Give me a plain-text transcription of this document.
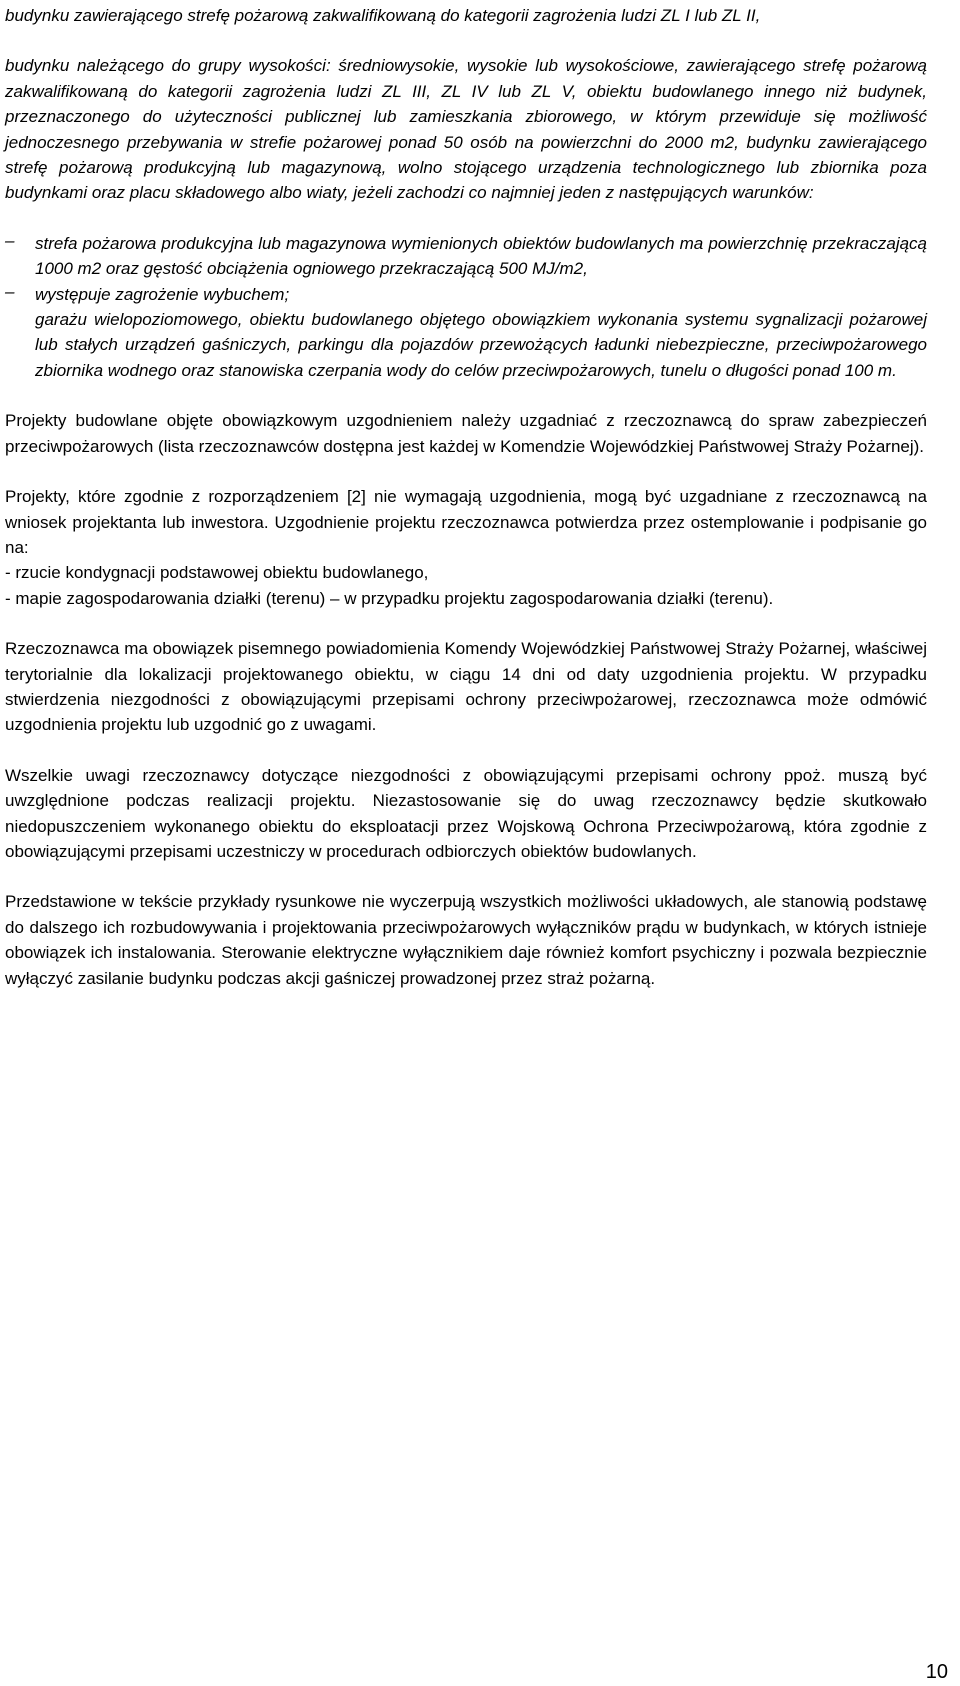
budynku zawierającego strefę pożarową zakwalifikowaną do kategorii zagrożenia ludzi ZL I lub ZL II,

budynku należącego do grupy wysokości: średniowysokie, wysokie lub wysokościowe, zawierającego strefę pożarową zakwalifikowaną do kategorii zagrożenia ludzi ZL III, ZL IV lub ZL V, obiektu budowlanego innego niż budynek, przeznaczonego do użyteczności publicznej lub zamieszkania zbiorowego, w którym przewiduje się możliwość jednoczesnego przebywania w strefie pożarowej ponad 50 osób na powierzchni do 2000 m2, budynku zawierającego strefę pożarową produkcyjną lub magazynową, wolno stojącego urządzenia technologicznego lub zbiornika poza budynkami oraz placu składowego albo wiaty, jeżeli zachodzi co najmniej jeden z następujących warunków:

– strefa pożarowa produkcyjna lub magazynowa wymienionych obiektów budowlanych ma powierzchnię przekraczającą 1000 m2 oraz gęstość obciążenia ogniowego przekraczającą 500 MJ/m2,

– występuje zagrożenie wybuchem;

garażu wielopoziomowego, obiektu budowlanego objętego obowiązkiem wykonania systemu sygnalizacji pożarowej lub stałych urządzeń gaśniczych, parkingu dla pojazdów przewożących ładunki niebezpieczne, przeciwpożarowego zbiornika wodnego oraz stanowiska czerpania wody do celów przeciwpożarowych, tunelu o długości ponad 100 m.

Projekty budowlane objęte obowiązkowym uzgodnieniem należy uzgadniać z rzeczoznawcą do spraw zabezpieczeń przeciwpożarowych (lista rzeczoznawców dostępna jest każdej w Komendzie Wojewódzkiej Państwowej Straży Pożarnej).

Projekty, które zgodnie z rozporządzeniem [2] nie wymagają uzgodnienia, mogą być uzgadniane z rzeczoznawcą na wniosek projektanta lub inwestora. Uzgodnienie projektu rzeczoznawca potwierdza przez ostemplowanie i podpisanie go na:

- rzucie kondygnacji podstawowej obiektu budowlanego,

- mapie zagospodarowania działki (terenu) – w przypadku projektu zagospodarowania działki (terenu).

Rzeczoznawca ma obowiązek pisemnego powiadomienia Komendy Wojewódzkiej Państwowej Straży Pożarnej, właściwej terytorialnie dla lokalizacji projektowanego obiektu, w ciągu 14 dni od daty uzgodnienia projektu. W przypadku stwierdzenia niezgodności z obowiązującymi przepisami ochrony przeciwpożarowej, rzeczoznawca może odmówić uzgodnienia projektu lub uzgodnić go z uwagami.

Wszelkie uwagi rzeczoznawcy dotyczące niezgodności z obowiązującymi przepisami ochrony ppoż. muszą być uwzględnione podczas realizacji projektu. Niezastosowanie się do uwag rzeczoznawcy będzie skutkowało niedopuszczeniem wykonanego obiektu do eksploatacji przez Wojskową Ochrona Przeciwpożarową, która zgodnie z obowiązującymi przepisami uczestniczy w procedurach odbiorczych obiektów budowlanych.

Przedstawione w tekście przykłady rysunkowe nie wyczerpują wszystkich możliwości układowych, ale stanowią podstawę do dalszego ich rozbudowywania i projektowania przeciwpożarowych wyłączników prądu w budynkach, w których istnieje obowiązek ich instalowania. Sterowanie elektryczne wyłącznikiem daje również komfort psychiczny i pozwala bezpiecznie wyłączyć zasilanie budynku podczas akcji gaśniczej prowadzonej przez straż pożarną.

10
